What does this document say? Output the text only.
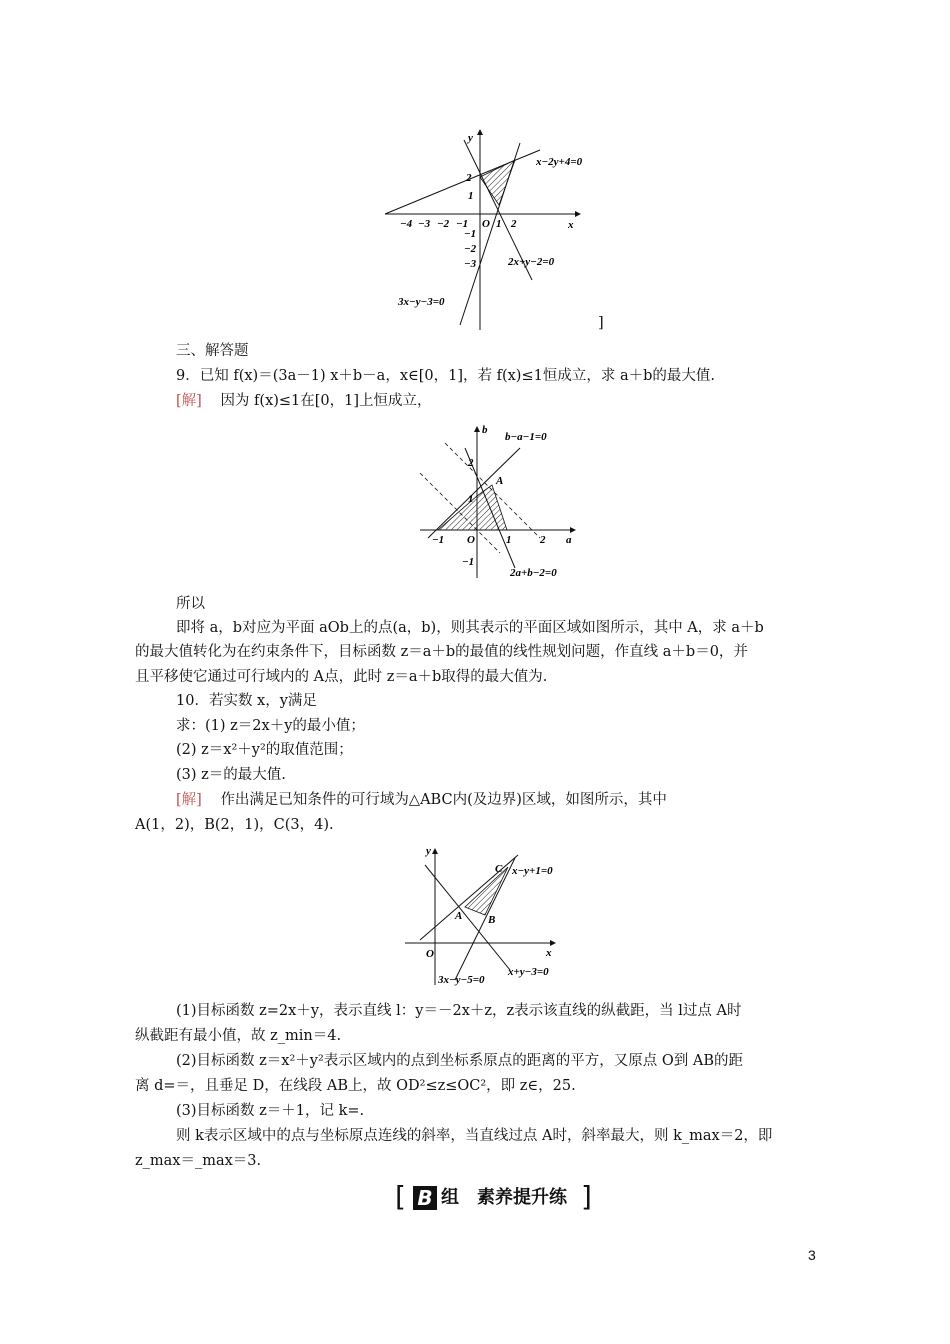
x−2y+4=0
2x+y−2=0
3x−y−3=0
x
y
O
−4 −3 −2 −1	1 2
2
1
−1
−2
−3
]
三、解答题
9．已知 f(x)＝(3a－1) x＋b－a，x∈[0，1]，若 f(x)≤1恒成立，求 a＋b的最大值.
[解] 因为 f(x)≤1在[0，1]上恒成立，
b−a−1=0
2a+b−2=0
a
b
O
A
−1	1	2
2
1
−1
所以
即将 a，b对应为平面 aOb上的点(a，b)，则其表示的平面区域如图所示，其中 A，求 a＋b
的最大值转化为在约束条件下，目标函数 z＝a＋b的最值的线性规划问题，作直线 a＋b＝0，并
且平移使它通过可行域内的 A点，此时 z＝a＋b取得的最大值为.
10．若实数 x，y满足
求：(1) z＝2x＋y的最小值；
(2) z＝x²＋y²的取值范围；
(3) z＝的最大值.
[解] 作出满足已知条件的可行域为△ABC内(及边界)区域，如图所示，其中
A(1，2)，B(2，1)，C(3，4).
x−y+1=0
x+y−3=0
3x−y−5=0
x
y
O
A B
C
(1)目标函数 z=2x＋y，表示直线 l：y＝－2x＋z，z表示该直线的纵截距，当 l过点 A时
纵截距有最小值，故 z_min＝4.
(2)目标函数 z＝x²＋y²表示区域内的点到坐标系原点的距离的平方，又原点 O到 AB的距
离 d=＝，且垂足 D，在线段 AB上，故 OD²≤z≤OC²，即 z∈，25.
(3)目标函数 z＝＋1，记 k=.
则 k表示区域中的点与坐标原点连线的斜率，当直线过点 A时，斜率最大，则 k_max＝2，即
z_max＝_max＝3.
[ B 组　素养提升练 ]
3
